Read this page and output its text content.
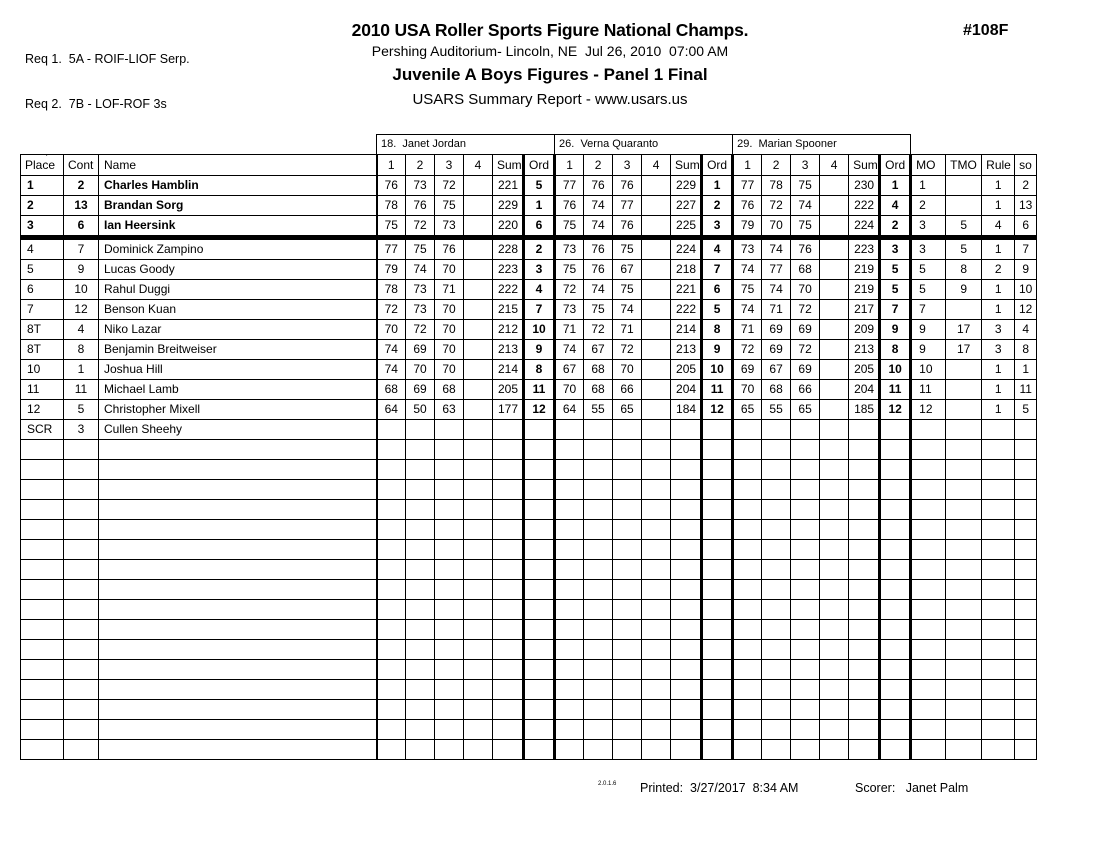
Req 1.  5A - ROIF-LIOF Serp.

Req 2.  7B - LOF-ROF 3s

2010 USA Roller Sports Figure National Champs.
Pershing Auditorium- Lincoln, NE  Jul 26, 2010  07:00 AM
Juvenile A Boys Figures - Panel 1 Final
USARS Summary Report - www.usars.us
#108F
			18.  Janet Jordan						26.  Verna Quaranto						29.  Marian Spooner									
Place	Cont	Name	1	2	3	4	Sum	Ord	1	2	3	4	Sum	Ord	1	2	3	4	Sum	Ord	MO	TMO	Rule	so
1	2	Charles Hamblin	76	73	72		221	5	77	76	76		229	1	77	78	75		230	1	1		1	2
2	13	Brandan Sorg	78	76	75		229	1	76	74	77		227	2	76	72	74		222	4	2		1	13
3	6	Ian Heersink	75	72	73		220	6	75	74	76		225	3	79	70	75		224	2	3	5	4	6
4	7	Dominick Zampino	77	75	76		228	2	73	76	75		224	4	73	74	76		223	3	3	5	1	7
5	9	Lucas Goody	79	74	70		223	3	75	76	67		218	7	74	77	68		219	5	5	8	2	9
6	10	Rahul Duggi	78	73	71		222	4	72	74	75		221	6	75	74	70		219	5	5	9	1	10
7	12	Benson Kuan	72	73	70		215	7	73	75	74		222	5	74	71	72		217	7	7		1	12
8T	4	Niko Lazar	70	72	70		212	10	71	72	71		214	8	71	69	69		209	9	9	17	3	4
8T	8	Benjamin Breitweiser	74	69	70		213	9	74	67	72		213	9	72	69	72		213	8	9	17	3	8
10	1	Joshua Hill	74	70	70		214	8	67	68	70		205	10	69	67	69		205	10	10		1	1
11	11	Michael Lamb	68	69	68		205	11	70	68	66		204	11	70	68	66		204	11	11		1	11
12	5	Christopher Mixell	64	50	63		177	12	64	55	65		184	12	65	55	65		185	12	12		1	5
SCR	3	Cullen Sheehy																						

2.0.1.6 Printed:  3/27/2017  8:34 AM	Scorer:   Janet Palm
